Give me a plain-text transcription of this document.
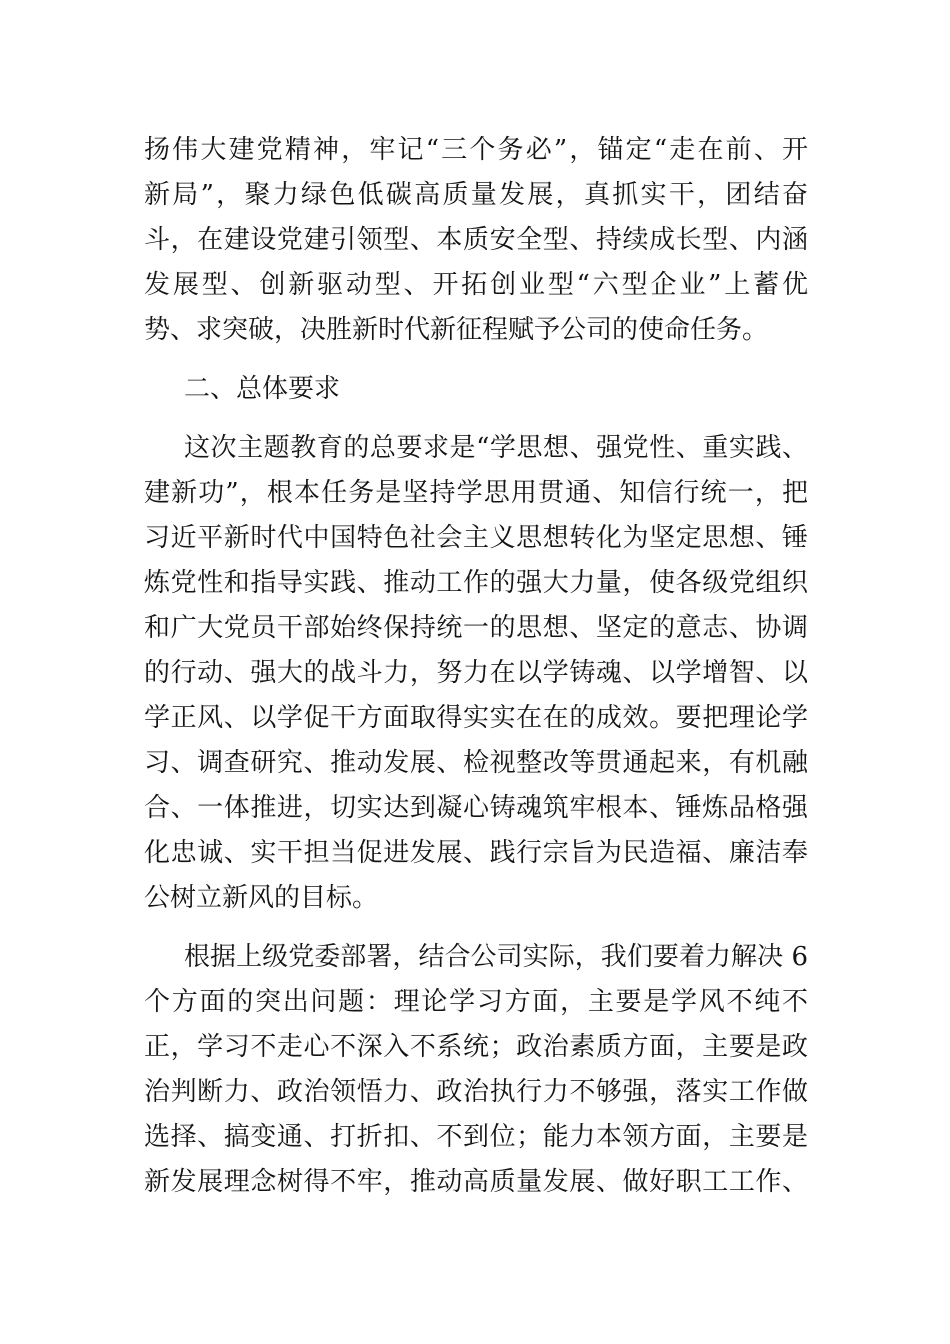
扬伟大建党精神，牢记“三个务必”，锚定“走在前、开
新局”，聚力绿色低碳高质量发展，真抓实干，团结奋
斗，在建设党建引领型、本质安全型、持续成长型、内涵
发展型、创新驱动型、开拓创业型“六型企业”上蓄优
势、求突破，决胜新时代新征程赋予公司的使命任务。
二、总体要求
这次主题教育的总要求是“学思想、强党性、重实践、
建新功”，根本任务是坚持学思用贯通、知信行统一，把
习近平新时代中国特色社会主义思想转化为坚定思想、锤
炼党性和指导实践、推动工作的强大力量，使各级党组织
和广大党员干部始终保持统一的思想、坚定的意志、协调
的行动、强大的战斗力，努力在以学铸魂、以学增智、以
学正风、以学促干方面取得实实在在的成效。要把理论学
习、调查研究、推动发展、检视整改等贯通起来，有机融
合、一体推进，切实达到凝心铸魂筑牢根本、锤炼品格强
化忠诚、实干担当促进发展、践行宗旨为民造福、廉洁奉
公树立新风的目标。
根据上级党委部署，结合公司实际，我们要着力解决 6
个方面的突出问题：理论学习方面，主要是学风不纯不
正，学习不走心不深入不系统；政治素质方面，主要是政
治判断力、政治领悟力、政治执行力不够强，落实工作做
选择、搞变通、打折扣、不到位；能力本领方面，主要是
新发展理念树得不牢，推动高质量发展、做好职工工作、
